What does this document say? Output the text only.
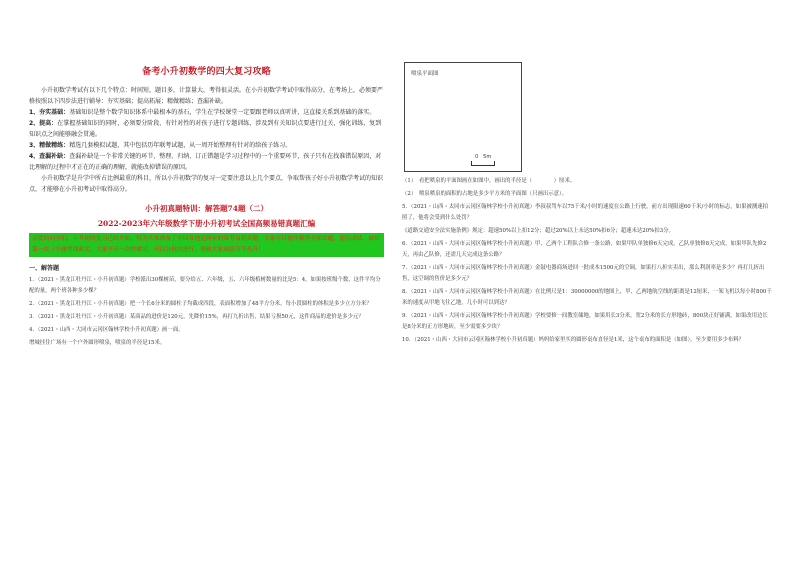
备考小升初数学的四大复习攻略

小升初数学考试有以下几个特点：时间短，题目多，计算量大，考得很灵活。在小升初数学考试中取得高分，在考场上，必须要严格按照以下四步法进行辅导：夯实基础；提高拓展；精做精练；查漏补缺。

1、夯实基础：基础知识是整个数学知识体系中最根本的基石，学生在学校课堂一定要跟老师以真听讲，这直接关系到基础的落实。

2、提高：在掌握基础知识的同时，必须要分阶段、有针对性的对孩子进行专题训练，涉及到有关知识点要进行过关，强化训练，复到知识点之间能够融会贯通。

3、精做精练：精选几套模拟试题，其中包括历年联考试题，从一周开始整理有针对的给孩子练习。

4、查漏补缺：查漏补缺是一个非常关键的环节，整理、归纳、订正错题是学习过程中的一个重要环节，孩子只有在找准错误原因，对比理解的过程中才正在的正确的理解，就能改掉错误的原因。

小升初数学是升学中所占比例最重的科目，所以小升初数学的复习一定要注意以上几个要点，争取帮孩子好小升初数学考试的知识点，才能够在小升初考试中取得高分。

小升初真题特训：解答题74题（二）
2022-2023年六年级数学下册小升初考试全国高频易错真题汇编
亲爱的同学们，小升初的复习已经开始，特为大家准备了全国各地近两年的常考易错真题，大家可以提升解答全部试题，提高成绩，破却第一次三个题型探索关，大家不可一次性做完，可以分批次进行，预祝大家成绩节节高升！
一、解答题

1．（2021・黑龙江牡丹江・小升初真题）学校派出30棵树苗，要分给五、六年级，五、六年级植树数量的比是5：4，如果按班级个数，这件平均分配的量，两个班各种多少棵？

2．（2021・黑龙江牡丹江・小升初真题）把一个长6分米的圆柱子均截成四段，表面积增加了48平方分米，每小段圆柱的体积是多少立方分米？

3．（2021・黑龙江牡丹江・小升初真题）某商品的进价是120元，先降价15%，再打九折出售，结果亏损50元，这件商品的进价是多少元？

4．（2021・山西・大同市云冈区翰林学校小升初真题）画一面。

增城挂住广场有一个户外圆形喷泉，喷泉的半径是15米。

喷泉平面图
0　5m

（1）　看把喷泉的平面图画在如图中，画出的半径是（　　　　）厘米。

（2）　喷泉喷泉的面积的占地是多少平方米的平面图（只画出示意）。

5．（2021・山西・太同市云冈区翰林学校小升初真题）李叔叔驾车以75千米/小时的速度在公路上行驶，前方出现限速60千米/小时的标志，如果被测速拍照了，他将会受到什么处罚？

《道路交通安全法实施条例》规定：超速50%以上扣12分；超过20%以上未达50%扣6分；超速未达20%扣3分。

6．（2021・山西・大同市云冈区翰林学校小升初真题）甲、乙两个工程队合修一条公路，如果甲队单独修6天完成，乙队单独修8天完成，如果甲队先修2天，再由乙队修，还需几天完成这条公路？

7．（2021・山西・大同市云冈区翰林学校小升初真题）金鼓电器商场进回一批成本1500元的空调，如果打八折实卖出，那么利润率是多少？再打几折出售，这空调的售价是多少元？

8．（2021・山西・大同市云冈区翰林学校小升初真题）在比例尺是1：30000000的地图上，甲、乙两地航空线的距离是12厘米，一架飞机以每小时800千米的速度从甲地飞往乙地，几小时可以到达？

9．（2021・山西・大同市云冈区翰林学校小升初真题）学校要修一间教室储地，如果用长3分米，宽2分米的长方形地砖，800块正好铺满，如果改用边长是8分米的正方形地砖，至少需要多少块？

10．（2021・山西・大同市云冈区翰林学校小升初真题）妈妈给家里买的圆形桌布直径是1米，这个桌布的面积是（如图），至少要用多少布料？
